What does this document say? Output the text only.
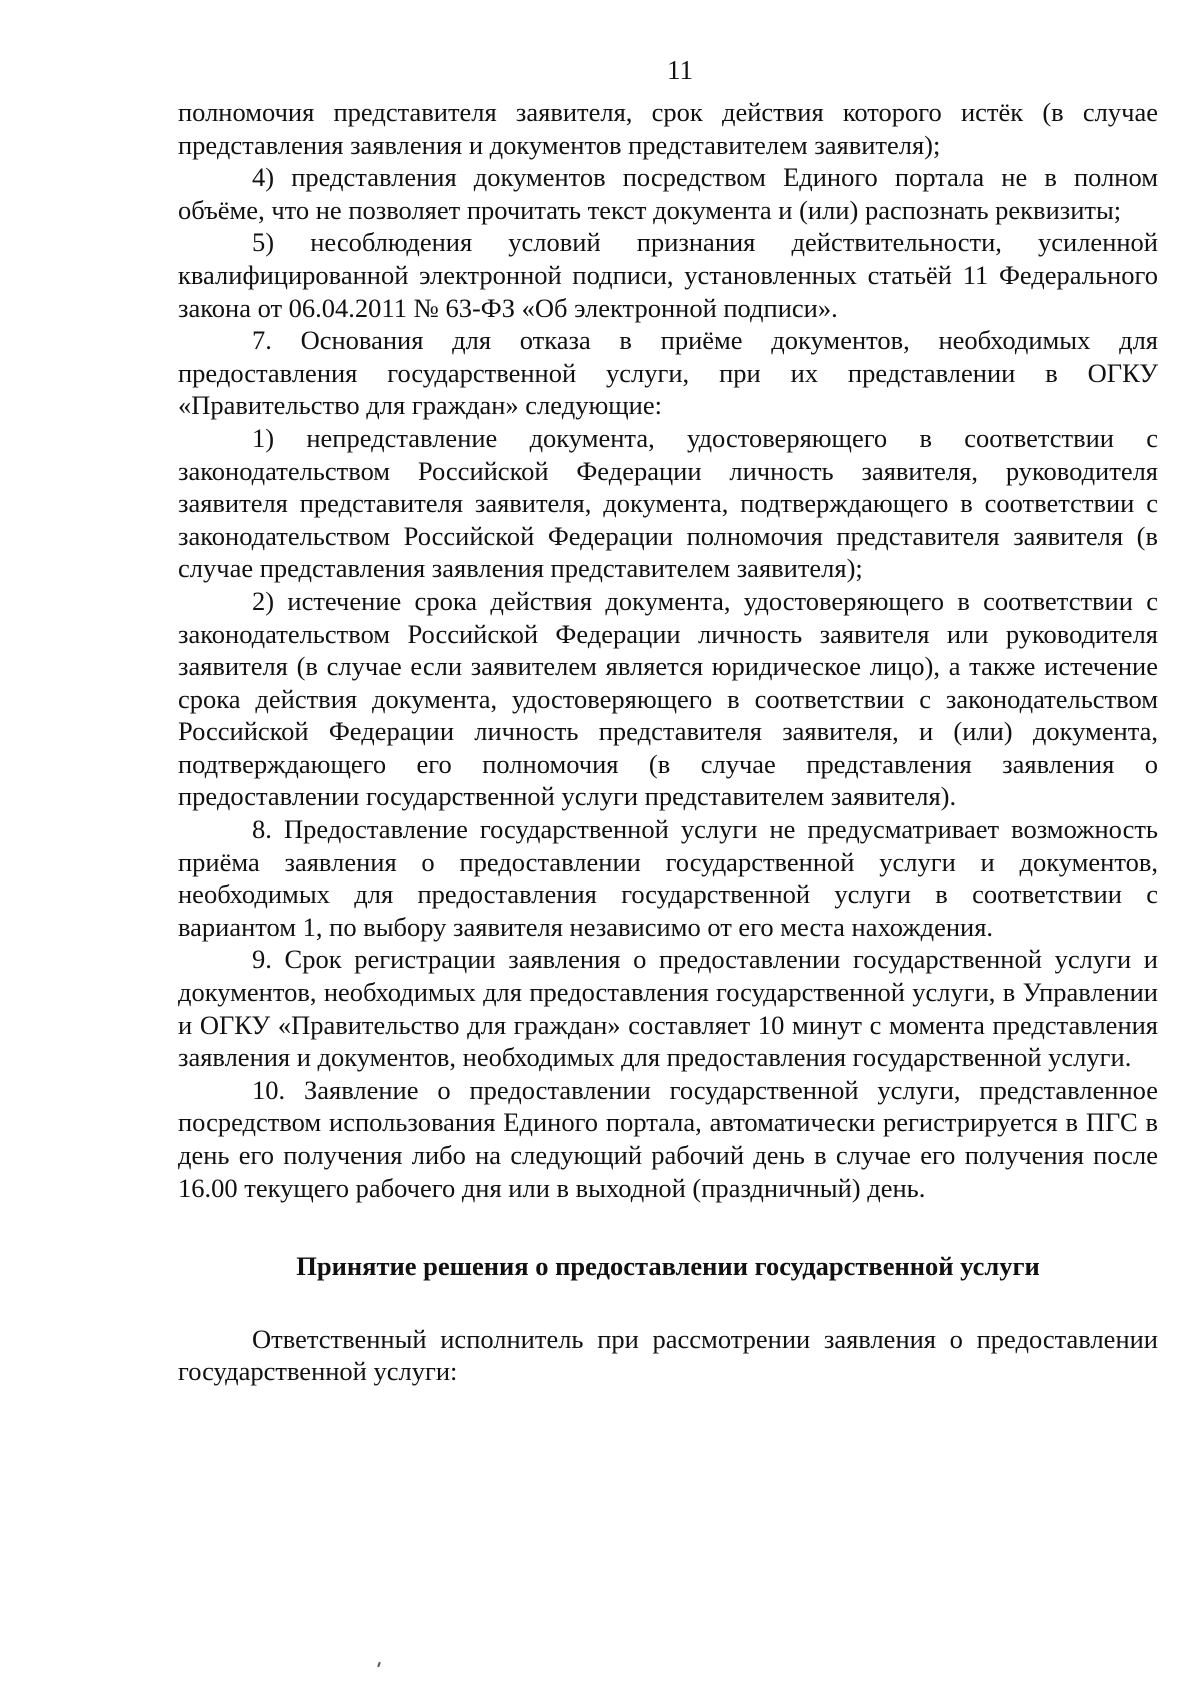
11

полномочия представителя заявителя, срок действия которого истёк (в случае представления заявления и документов представителем заявителя);

4) представления документов посредством Единого портала не в полном объёме, что не позволяет прочитать текст документа и (или) распознать реквизиты;

5) несоблюдения условий признания действительности, усиленной квалифицированной электронной подписи, установленных статьёй 11 Федерального закона от 06.04.2011 № 63-ФЗ «Об электронной подписи».

7. Основания для отказа в приёме документов, необходимых для предоставления государственной услуги, при их представлении в ОГКУ «Правительство для граждан» следующие:

1) непредставление документа, удостоверяющего в соответствии с законодательством Российской Федерации личность заявителя, руководителя заявителя представителя заявителя, документа, подтверждающего в соответствии с законодательством Российской Федерации полномочия представителя заявителя (в случае представления заявления представителем заявителя);

2) истечение срока действия документа, удостоверяющего в соответствии с законодательством Российской Федерации личность заявителя или руководителя заявителя (в случае если заявителем является юридическое лицо), а также истечение срока действия документа, удостоверяющего в соответствии с законодательством Российской Федерации личность представителя заявителя, и (или) документа, подтверждающего его полномочия (в случае представления заявления о предоставлении государственной услуги представителем заявителя).

8. Предоставление государственной услуги не предусматривает возможность приёма заявления о предоставлении государственной услуги и документов, необходимых для предоставления государственной услуги в соответствии с вариантом 1, по выбору заявителя независимо от его места нахождения.

9. Срок регистрации заявления о предоставлении государственной услуги и документов, необходимых для предоставления государственной услуги, в Управлении и ОГКУ «Правительство для граждан» составляет 10 минут с момента представления заявления и документов, необходимых для предоставления государственной услуги.

10. Заявление о предоставлении государственной услуги, представленное посредством использования Единого портала, автоматически регистрируется в ПГС в день его получения либо на следующий рабочий день в случае его получения после 16.00 текущего рабочего дня или в выходной (праздничный) день.

Принятие решения о предоставлении государственной услуги

Ответственный исполнитель при рассмотрении заявления о предоставлении государственной услуги:
